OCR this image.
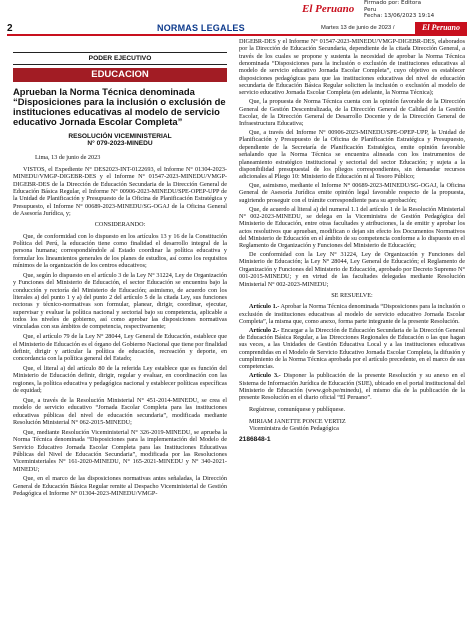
El Peruano	Firmado por: Editora
Peru
Fecha: 13/06/2023 19:14
2	NORMAS LEGALES	Martes 13 de junio de 2023 /	El Peruano
PODER EJECUTIVO
EDUCACION
Aprueban la Norma Técnica denominada “Disposiciones para la inclusión o exclusión de instituciones educativas al modelo de servicio educativo Jornada Escolar Completa”
RESOLUCIÓN VICEMINISTERIAL
N° 079-2023-MINEDU

Lima, 13 de junio de 2023

VISTOS, el Expediente N° DES2023-INT-0122693, el Informe N° 01304-2023-MINEDU/VMGP-DIGEBR-DES y el Informe N° 01547-2023-MINEDU/VMGP-DIGEBR-DES de la Dirección de Educación Secundaria de la Dirección General de Educación Básica Regular, el Informe N° 00906-2023-MINEDU/SPE-OPEP-UPP de la Unidad de Planificación y Presupuesto de la Oficina de Planificación Estratégica y Presupuesto, el Informe N° 00689-2023-MINEDU/SG-OGAJ de la Oficina General de Asesoría Jurídica, y;

CONSIDERANDO:

Que, de conformidad con lo dispuesto en los artículos 13 y 16 de la Constitución Política del Perú, la educación tiene como finalidad el desarrollo integral de la persona humana; correspondiéndole al Estado coordinar la política educativa y formular los lineamientos generales de los planes de estudios, así como los requisitos mínimos de la organización de los centros educativos;

Que, según lo dispuesto en el artículo 3 de la Ley N° 31224, Ley de Organización y Funciones del Ministerio de Educación, el sector Educación se encuentra bajo la conducción y rectoría del Ministerio de Educación; asimismo, de acuerdo con los literales a) del punto 1 y a) del punto 2 del artículo 5 de la citada Ley, sus funciones rectoras y técnico-normativas son formular, planear, dirigir, coordinar, ejecutar, supervisar y evaluar la política nacional y sectorial bajo su competencia, aplicable a todos los niveles de gobierno, así como aprobar las disposiciones normativas vinculadas con sus ámbitos de competencia, respectivamente;

Que, el artículo 79 de la Ley N° 28044, Ley General de Educación, establece que el Ministerio de Educación es el órgano del Gobierno Nacional que tiene por finalidad definir, dirigir y articular la política de educación, recreación y deporte, en concordancia con la política general del Estado;

Que, el literal a) del artículo 80 de la referida Ley establece que es función del Ministerio de Educación definir, dirigir, regular y evaluar, en coordinación con las regiones, la política educativa y pedagógica nacional y establecer políticas específicas de equidad;

Que, a través de la Resolución Ministerial N° 451-2014-MINEDU, se crea el modelo de servicio educativo “Jornada Escolar Completa para las instituciones educativas públicas del nivel de educación secundaria”, modificada mediante Resolución Ministerial N° 062-2015-MINEDU;

Que, mediante Resolución Viceministerial N° 326-2019-MINEDU, se aprueba la Norma Técnica denominada “Disposiciones para la implementación del Modelo de Servicio Educativo Jornada Escolar Completa para las Instituciones Educativas Públicas del Nivel de Educación Secundaria”, modificada por las Resoluciones Viceministeriales N° 161-2020-MINEDU, N° 165-2021-MINEDU y N° 340-2021-MINEDU;

Que, en el marco de las disposiciones normativas antes señaladas, la Dirección General de Educación Básica Regular remite al Despacho Viceministerial de Gestión Pedagógica el Informe N° 01304-2023-MINEDU/VMGP-

DIGEBR-DES y el Informe N° 01547-2023-MINEDU/VMGP-DIGEBR-DES, elaborados por la Dirección de Educación Secundaria, dependiente de la citada Dirección General, a través de los cuales se propone y sustenta la necesidad de aprobar la Norma Técnica denominada “Disposiciones para la inclusión o exclusión de instituciones educativas al modelo de servicio educativo Jornada Escolar Completa”, cuyo objetivo es establecer disposiciones pedagógicas para que las instituciones educativas del nivel de educación secundaria de Educación Básica Regular soliciten la inclusión o exclusión al modelo de servicio educativo Jornada Escolar Completa (en adelante, la Norma Técnica);

Que, la propuesta de Norma Técnica cuenta con la opinión favorable de la Dirección General de Gestión Descentralizada, de la Dirección General de Calidad de la Gestión Escolar, de la Dirección General de Desarrollo Docente y de la Dirección General de Infraestructura Educativa;

Que, a través del Informe N° 00906-2023-MINEDU/SPE-OPEP-UPP, la Unidad de Planificación y Presupuesto de la Oficina de Planificación Estratégica y Presupuesto, dependiente de la Secretaría de Planificación Estratégica, emite opinión favorable señalando que la Norma Técnica se encuentra alineada con los instrumentos de planeamiento estratégico institucional y sectorial del sector Educación; y sujeta a la disponibilidad presupuestal de los pliegos correspondientes, sin demandar recursos adicionales al Pliego 10: Ministerio de Educación ni al Tesoro Público;

Que, asimismo, mediante el Informe N° 00689-2023-MINEDU/SG-OGAJ, la Oficina General de Asesoría Jurídica emite opinión legal favorable respecto de la propuesta, sugiriendo proseguir con el trámite correspondiente para su aprobación;

Que, de acuerdo al literal a) del numeral 1.1 del artículo 1 de la Resolución Ministerial N° 002-2023-MINEDU, se delega en la Viceministra de Gestión Pedagógica del Ministerio de Educación, entre otras facultades y atribuciones, la de emitir y aprobar los actos resolutivos que aprueban, modifican o dejan sin efecto los Documentos Normativos del Ministerio de Educación en el ámbito de su competencia conforme a lo dispuesto en el Reglamento de Organización y Funciones del Ministerio de Educación;

De conformidad con la Ley N° 31224, Ley de Organización y Funciones del Ministerio de Educación; la Ley N° 28044, Ley General de Educación; el Reglamento de Organización y Funciones del Ministerio de Educación, aprobado por Decreto Supremo N° 001-2015-MINEDU; y en virtud de las facultades delegadas mediante Resolución Ministerial N° 002-2023-MINEDU;

SE RESUELVE:

Artículo 1.- Aprobar la Norma Técnica denominada “Disposiciones para la inclusión o exclusión de instituciones educativas al modelo de servicio educativo Jornada Escolar Completa”, la misma que, como anexo, forma parte integrante de la presente Resolución.

Artículo 2.- Encargar a la Dirección de Educación Secundaria de la Dirección General de Educación Básica Regular, a las Direcciones Regionales de Educación o las que hagan sus veces, a las Unidades de Gestión Educativa Local y a las instituciones educativas comprendidas en el Modelo de Servicio Educativo Jornada Escolar Completa, la difusión y cumplimiento de la Norma Técnica aprobada por el artículo precedente, en el marco de sus competencias.

Artículo 3.- Disponer la publicación de la presente Resolución y su anexo en el Sistema de Información Jurídica de Educación (SIJE), ubicado en el portal institucional del Ministerio de Educación (www.gob.pe/minedu), el mismo día de la publicación de la presente Resolución en el diario oficial “El Peruano”.

Regístrese, comuníquese y publíquese.

MIRIAM JANETTE PONCE VERTIZ

Viceministra de Gestión Pedagógica

2186848-1
